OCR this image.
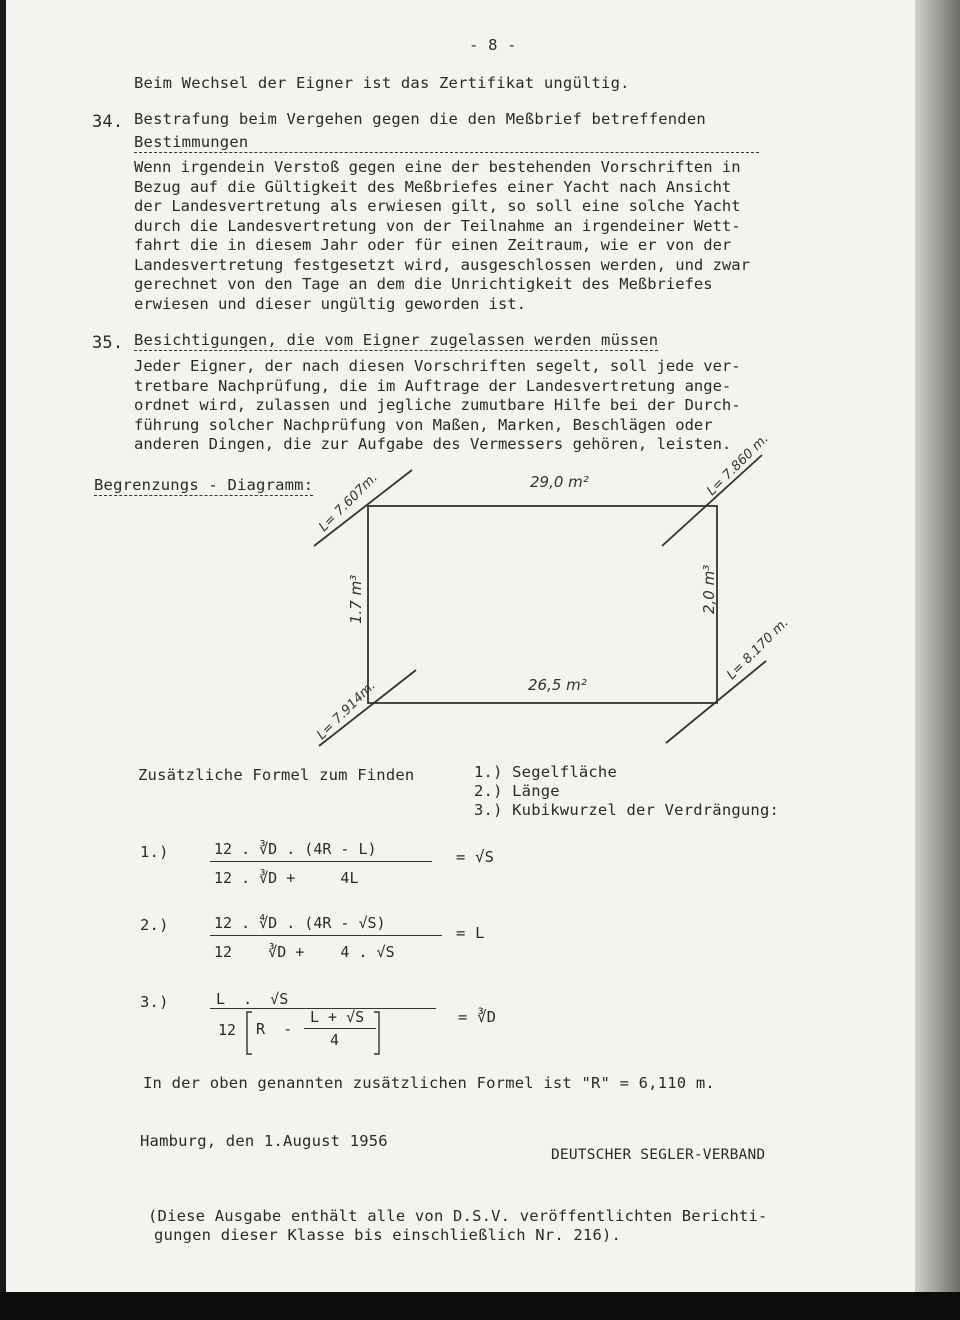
- 8 -
Beim Wechsel der Eigner ist das Zertifikat ungültig.
34. Bestrafung beim Vergehen gegen die den Meßbrief betreffenden
Bestimmungen
Wenn irgendein Verstoß gegen eine der bestehenden Vorschriften in
Bezug auf die Gültigkeit des Meßbriefes einer Yacht nach Ansicht
der Landesvertretung als erwiesen gilt, so soll eine solche Yacht
durch die Landesvertretung von der Teilnahme an irgendeiner Wett-
fahrt die in diesem Jahr oder für einen Zeitraum, wie er von der
Landesvertretung festgesetzt wird, ausgeschlossen werden, und zwar
gerechnet von den Tage an dem die Unrichtigkeit des Meßbriefes
erwiesen und dieser ungültig geworden ist.
35. Besichtigungen, die vom Eigner zugelassen werden müssen
Jeder Eigner, der nach diesen Vorschriften segelt, soll jede ver-
tretbare Nachprüfung, die im Auftrage der Landesvertretung ange-
ordnet wird, zulassen und jegliche zumutbare Hilfe bei der Durch-
führung solcher Nachprüfung von Maßen, Marken, Beschlägen oder
anderen Dingen, die zur Aufgabe des Vermessers gehören, leisten.
Begrenzungs - Diagramm:	29,0 m²
26,5 m²
1.7 m³	2,0 m³
L= 7.607m.
L= 7.860 m.
L= 7.914m.
L= 8.170 m.
Zusätzliche Formel zum Finden	1.) Segelfläche
2.) Länge
3.) Kubikwurzel der Verdrängung:
1.)	12 . ∛D . (4R - L)
12 . ∛D +     4L
= √S
2.)	12 . ∜D . (4R - √S)
12    ∛D +    4 . √S
= L
3.)	L  .  √S
12 R  -
L + √S
4
= ∛D
In der oben genannten zusätzlichen Formel ist "R" = 6,110 m.
Hamburg, den 1.August 1956
DEUTSCHER SEGLER-VERBAND
(Diese Ausgabe enthält alle von D.S.V. veröffentlichten Berichti-
gungen dieser Klasse bis einschließlich Nr. 216).
